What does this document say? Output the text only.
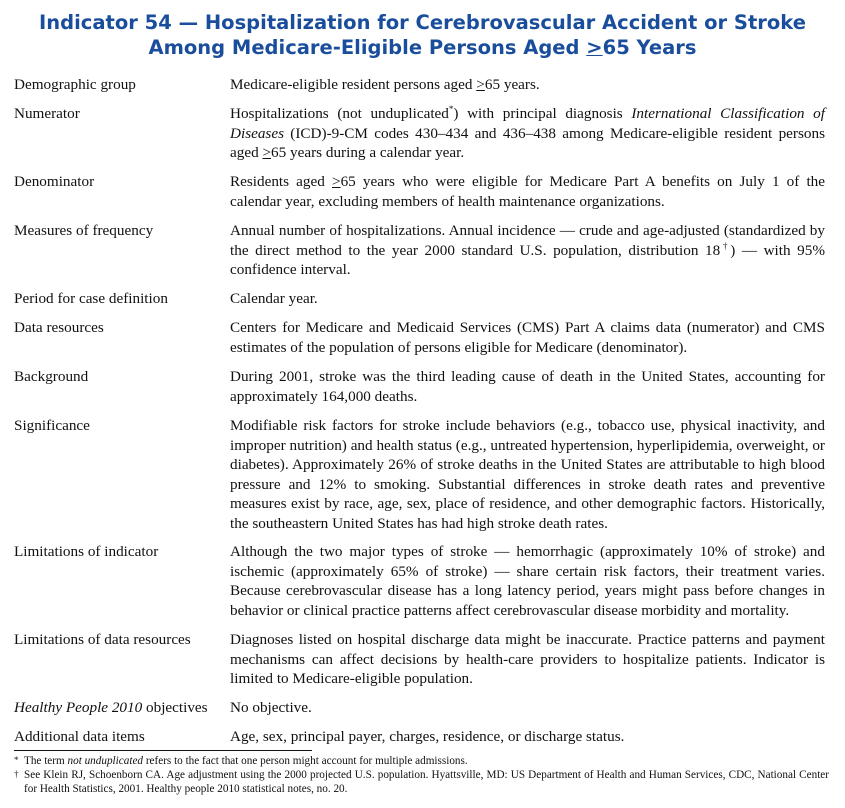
Indicator 54 — Hospitalization for Cerebrovascular Accident or Stroke
Among Medicare-Eligible Persons Aged ≥65 Years
Demographic group	Medicare-eligible resident persons aged ≥65 years.
Numerator	Hospitalizations (not unduplicated*) with principal diagnosis International Classification of Diseases (ICD)-9-CM codes 430–434 and 436–438 among Medicare-eligible resident persons aged ≥65 years during a calendar year.
Denominator	Residents aged ≥65 years who were eligible for Medicare Part A benefits on July 1 of the calendar year, excluding members of health maintenance organizations.
Measures of frequency	Annual number of hospitalizations. Annual incidence — crude and age-adjusted (standardized by the direct method to the year 2000 standard U.S. population, distribution 18†) — with 95% confidence interval.
Period for case definition	Calendar year.
Data resources	Centers for Medicare and Medicaid Services (CMS) Part A claims data (numerator) and CMS estimates of the population of persons eligible for Medicare (denominator).
Background	During 2001, stroke was the third leading cause of death in the United States, accounting for approximately 164,000 deaths.
Significance	Modifiable risk factors for stroke include behaviors (e.g., tobacco use, physical inactivity, and improper nutrition) and health status (e.g., untreated hypertension, hyperlipidemia, overweight, or diabetes). Approximately 26% of stroke deaths in the United States are attributable to high blood pressure and 12% to smoking. Substantial differences in stroke death rates and preventive measures exist by race, age, sex, place of residence, and other demographic factors. Historically, the southeastern United States has had high stroke death rates.
Limitations of indicator	Although the two major types of stroke — hemorrhagic (approximately 10% of stroke) and ischemic (approximately 65% of stroke) — share certain risk factors, their treatment varies. Because cerebrovascular disease has a long latency period, years might pass before changes in behavior or clinical practice patterns affect cerebrovascular disease morbidity and mortality.
Limitations of data resources	Diagnoses listed on hospital discharge data might be inaccurate. Practice patterns and payment mechanisms can affect decisions by health-care providers to hospitalize patients. Indicator is limited to Medicare-eligible population.
Healthy People 2010 objectives	No objective.
Additional data items	Age, sex, principal payer, charges, residence, or discharge status.
* The term not unduplicated refers to the fact that one person might account for multiple admissions.
† See Klein RJ, Schoenborn CA. Age adjustment using the 2000 projected U.S. population. Hyattsville, MD: US Department of Health and Human Services, CDC, National Center for Health Statistics, 2001. Healthy people 2010 statistical notes, no. 20.
